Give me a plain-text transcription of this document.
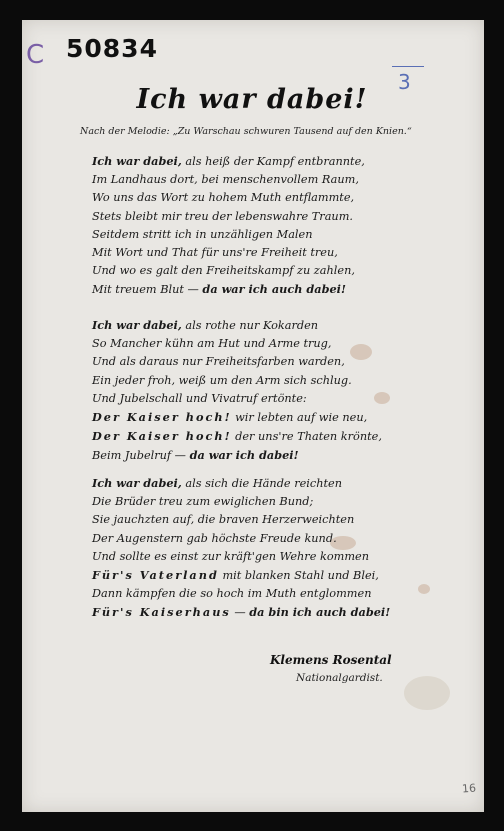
C 50834
3
Ich war dabei!
Nach der Melodie: „Zu Warschau schwuren Tausend auf den Knien.“
Ich war dabei, als heiß der Kampf entbrannte,
Im Landhaus dort, bei menschenvollem Raum,
Wo uns das Wort zu hohem Muth entflammte,
Stets bleibt mir treu der lebenswahre Traum.
Seitdem stritt ich in unzähligen Malen
Mit Wort und That für uns're Freiheit treu,
Und wo es galt den Freiheitskampf zu zahlen,
Mit treuem Blut — da war ich auch dabei!
Ich war dabei, als rothe nur Kokarden
So Mancher kühn am Hut und Arme trug,
Und als daraus nur Freiheitsfarben warden,
Ein jeder froh, weiß um den Arm sich schlug.
Und Jubelschall und Vivatruf ertönte:
Der Kaiser hoch! wir lebten auf wie neu,
Der Kaiser hoch! der uns're Thaten krönte,
Beim Jubelruf — da war ich dabei!
Ich war dabei, als sich die Hände reichten
Die Brüder treu zum ewiglichen Bund;
Sie jauchzten auf, die braven Herzerweichten
Der Augenstern gab höchste Freude kund.
Und sollte es einst zur kräft'gen Wehre kommen
Für's Vaterland mit blanken Stahl und Blei,
Dann kämpfen die so hoch im Muth entglommen
Für's Kaiserhaus — da bin ich auch dabei!
Klemens Rosental
Nationalgardist.
16
